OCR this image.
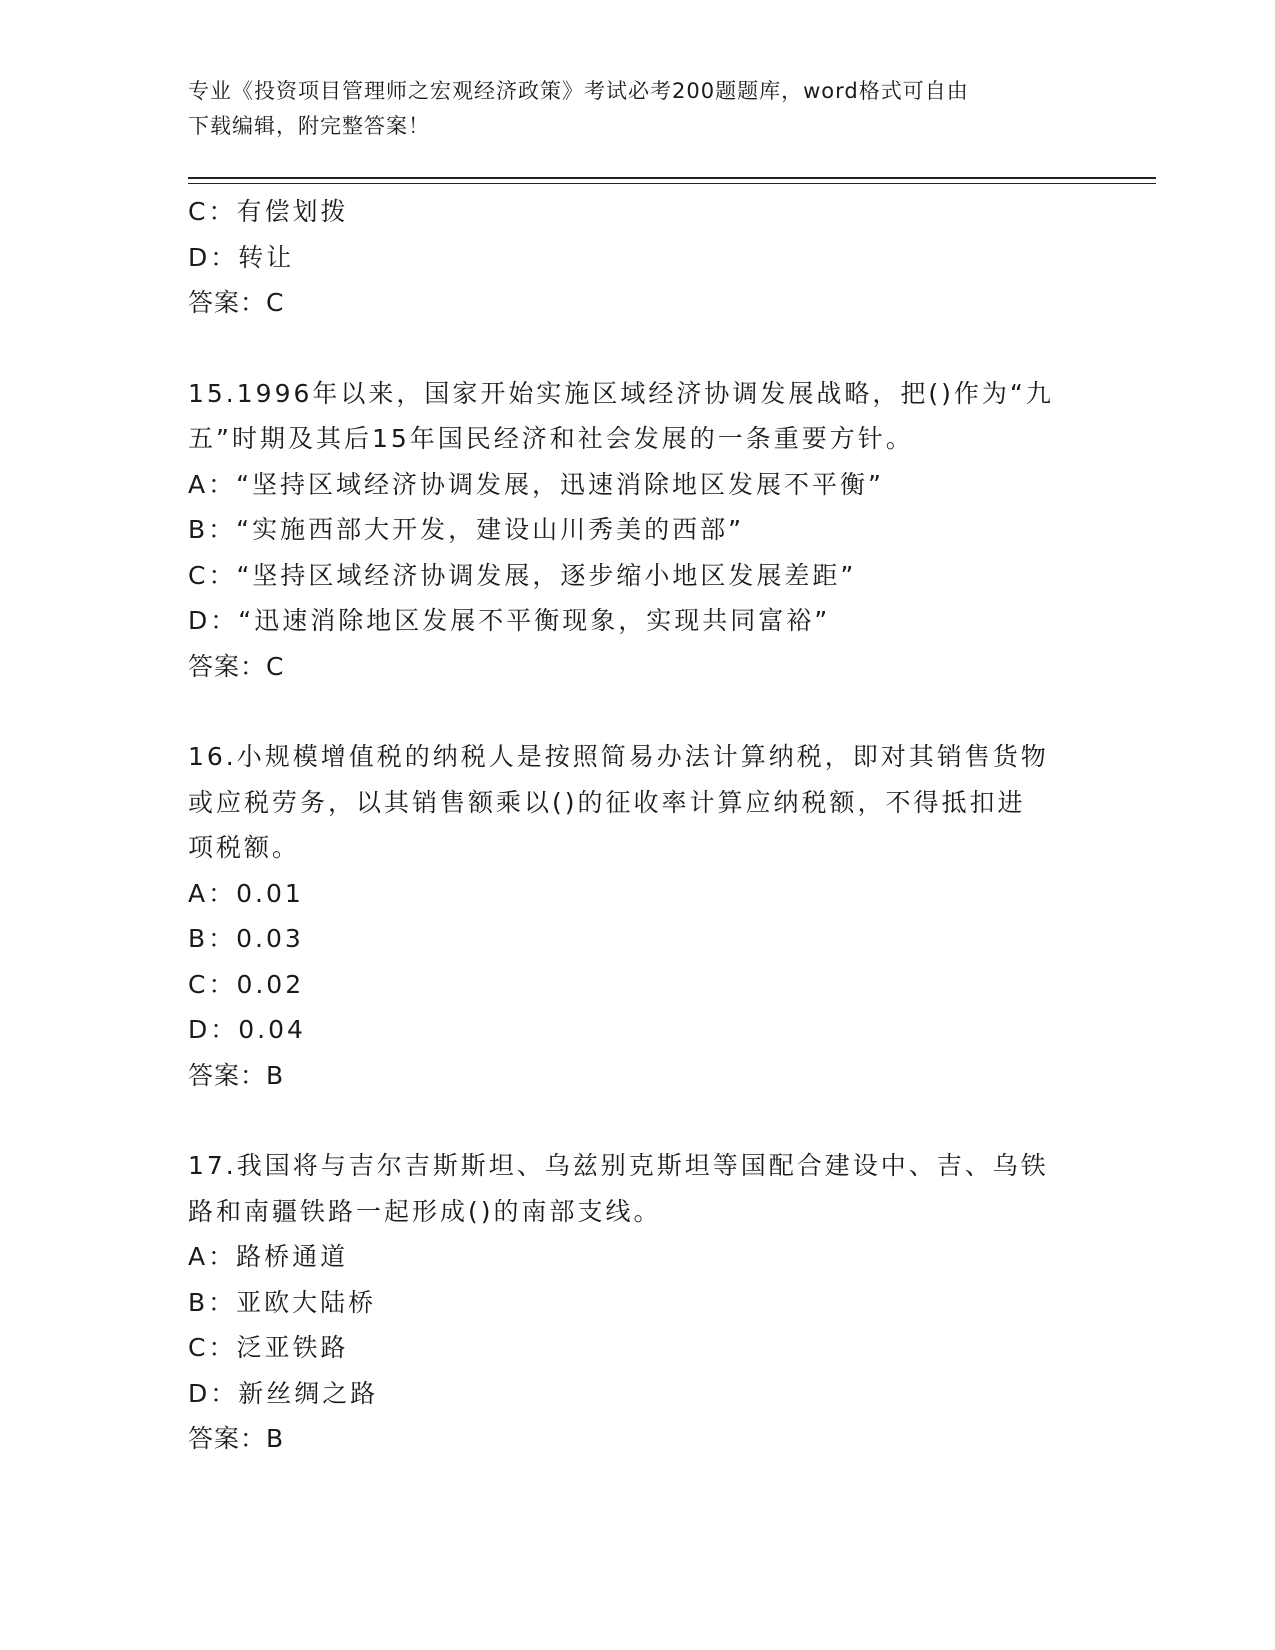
专业《投资项目管理师之宏观经济政策》考试必考200题题库，word格式可自由
下载编辑，附完整答案！
C：有偿划拨
D：转让
答案：C
15.1996年以来，国家开始实施区域经济协调发展战略，把()作为“九
五”时期及其后15年国民经济和社会发展的一条重要方针。
A：“坚持区域经济协调发展，迅速消除地区发展不平衡”
B：“实施西部大开发，建设山川秀美的西部”
C：“坚持区域经济协调发展，逐步缩小地区发展差距”
D：“迅速消除地区发展不平衡现象，实现共同富裕”
答案：C
16.小规模增值税的纳税人是按照简易办法计算纳税，即对其销售货物
或应税劳务，以其销售额乘以()的征收率计算应纳税额，不得抵扣进
项税额。
A：0.01
B：0.03
C：0.02
D：0.04
答案：B
17.我国将与吉尔吉斯斯坦、乌兹别克斯坦等国配合建设中、吉、乌铁
路和南疆铁路一起形成()的南部支线。
A：路桥通道
B：亚欧大陆桥
C：泛亚铁路
D：新丝绸之路
答案：B
